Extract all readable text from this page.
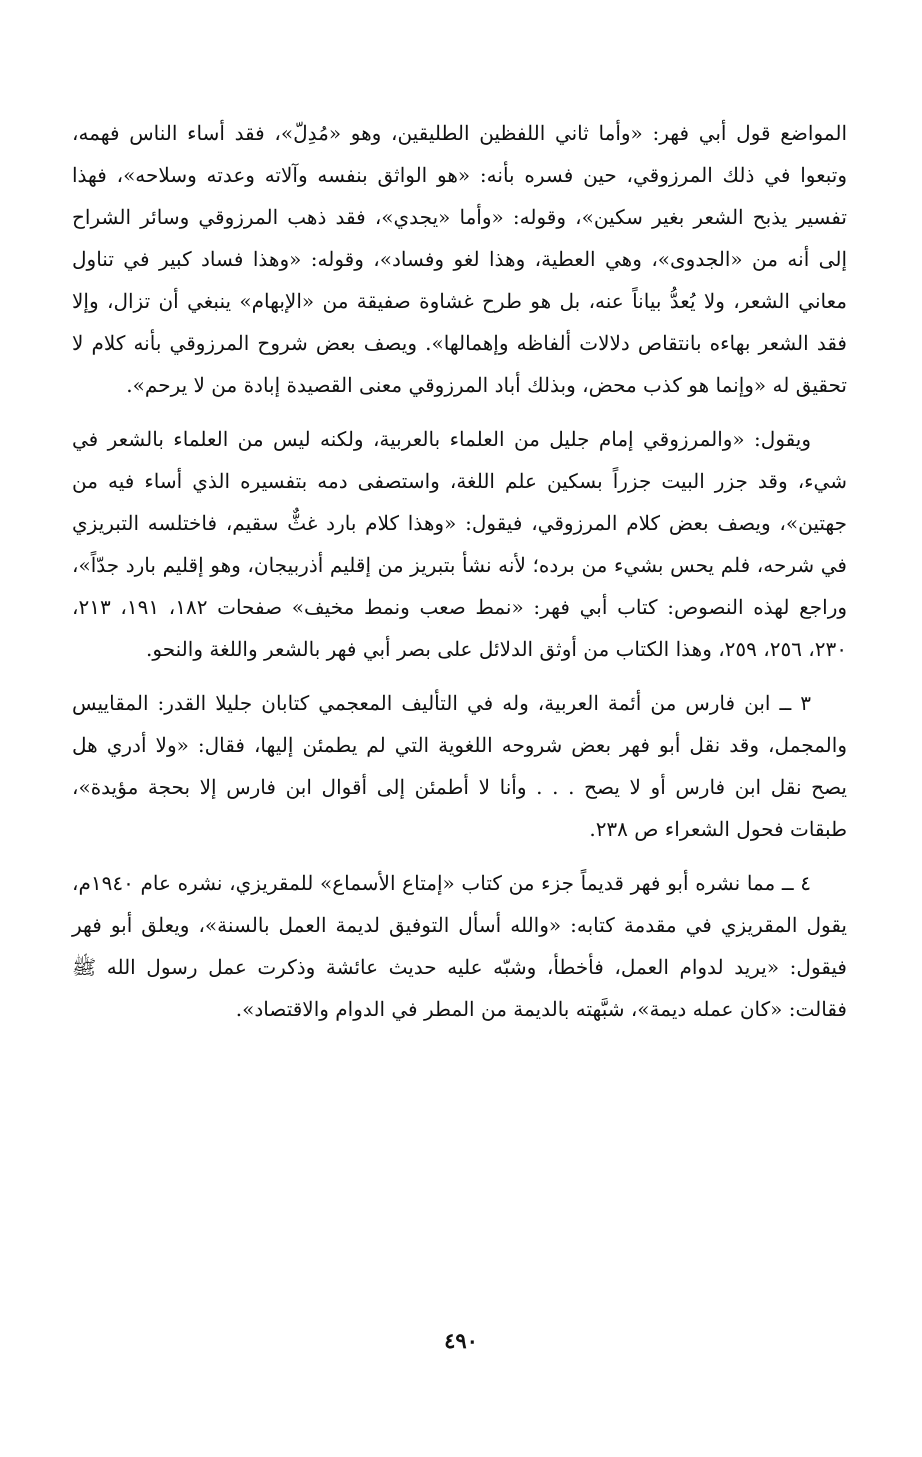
المواضع قول أبي فهر: «وأما ثاني اللفظين الطليقين، وهو «مُدِلّ»، فقد أساء الناس فهمه، وتبعوا في ذلك المرزوقي، حين فسره بأنه: «هو الواثق بنفسه وآلاته وعدته وسلاحه»، فهذا تفسير يذبح الشعر بغير سكين»، وقوله: «وأما «يجدي»، فقد ذهب المرزوقي وسائر الشراح إلى أنه من «الجدوى»، وهي العطية، وهذا لغو وفساد»، وقوله: «وهذا فساد كبير في تناول معاني الشعر، ولا يُعدُّ بياناً عنه، بل هو طرح غشاوة صفيقة من «الإبهام» ينبغي أن تزال، وإلا فقد الشعر بهاءه بانتقاص دلالات ألفاظه وإهمالها». ويصف بعض شروح المرزوقي بأنه كلام لا تحقيق له «وإنما هو كذب محض، وبذلك أباد المرزوقي معنى القصيدة إبادة من لا يرحم».

ويقول: «والمرزوقي إمام جليل من العلماء بالعربية، ولكنه ليس من العلماء بالشعر في شيء، وقد جزر البيت جزراً بسكين علم اللغة، واستصفى دمه بتفسيره الذي أساء فيه من جهتين»، ويصف بعض كلام المرزوقي، فيقول: «وهذا كلام بارد غثٌّ سقيم، فاختلسه التبريزي في شرحه، فلم يحس بشيء من برده؛ لأنه نشأ بتبريز من إقليم أذربيجان، وهو إقليم بارد جدّاً»، وراجع لهذه النصوص: كتاب أبي فهر: «نمط صعب ونمط مخيف» صفحات ١٨٢، ١٩١، ٢١٣، ٢٣٠، ٢٥٦، ٢٥٩، وهذا الكتاب من أوثق الدلائل على بصر أبي فهر بالشعر واللغة والنحو.

٣ ــ ابن فارس من أئمة العربية، وله في التأليف المعجمي كتابان جليلا القدر: المقاييس والمجمل، وقد نقل أبو فهر بعض شروحه اللغوية التي لم يطمئن إليها، فقال: «ولا أدري هل يصح نقل ابن فارس أو لا يصح . . . وأنا لا أطمئن إلى أقوال ابن فارس إلا بحجة مؤيدة»، طبقات فحول الشعراء ص ٢٣٨.

٤ ــ مما نشره أبو فهر قديماً جزء من كتاب «إمتاع الأسماع» للمقريزي، نشره عام ١٩٤٠م، يقول المقريزي في مقدمة كتابه: «والله أسأل التوفيق لديمة العمل بالسنة»، ويعلق أبو فهر فيقول: «يريد لدوام العمل، فأخطأ، وشبّه عليه حديث عائشة وذكرت عمل رسول الله ﷺ فقالت: «كان عمله ديمة»، شبَّهته بالديمة من المطر في الدوام والاقتصاد».

٤٩٠
